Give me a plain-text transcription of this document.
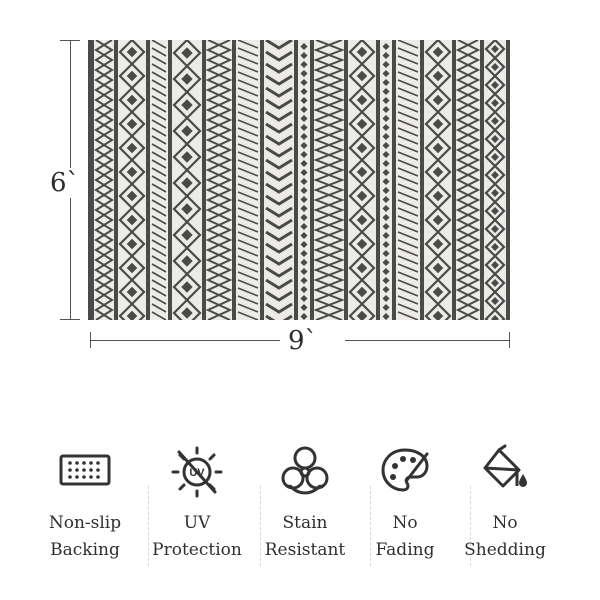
6`
9`
Non-slip
Backing
UV
UV
Protection
Stain
Resistant
No
Fading
No
Shedding
